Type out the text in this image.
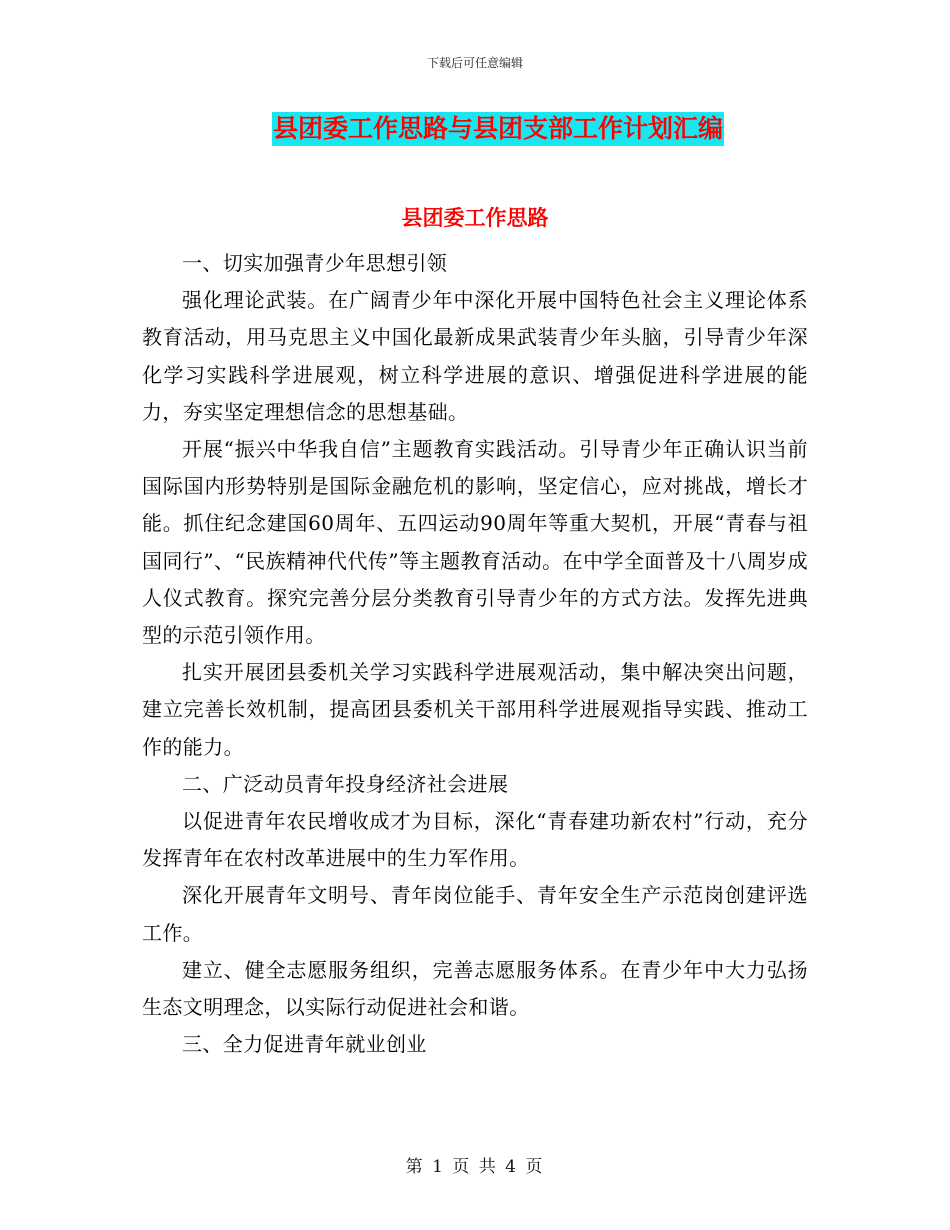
下载后可任意编辑
县团委工作思路与县团支部工作计划汇编
县团委工作思路

一、切实加强青少年思想引领

强化理论武装。在广阔青少年中深化开展中国特色社会主义理论体系教育活动，用马克思主义中国化最新成果武装青少年头脑，引导青少年深化学习实践科学进展观，树立科学进展的意识、增强促进科学进展的能力，夯实坚定理想信念的思想基础。

开展“振兴中华我自信”主题教育实践活动。引导青少年正确认识当前国际国内形势特别是国际金融危机的影响，坚定信心，应对挑战，增长才能。抓住纪念建国60周年、五四运动90周年等重大契机，开展“青春与祖国同行”、“民族精神代代传”等主题教育活动。在中学全面普及十八周岁成人仪式教育。探究完善分层分类教育引导青少年的方式方法。发挥先进典型的示范引领作用。

扎实开展团县委机关学习实践科学进展观活动，集中解决突出问题，建立完善长效机制，提高团县委机关干部用科学进展观指导实践、推动工作的能力。

二、广泛动员青年投身经济社会进展

以促进青年农民增收成才为目标，深化“青春建功新农村”行动，充分发挥青年在农村改革进展中的生力军作用。

深化开展青年文明号、青年岗位能手、青年安全生产示范岗创建评选工作。

建立、健全志愿服务组织，完善志愿服务体系。在青少年中大力弘扬生态文明理念，以实际行动促进社会和谐。

三、全力促进青年就业创业

第 1 页 共 4 页
